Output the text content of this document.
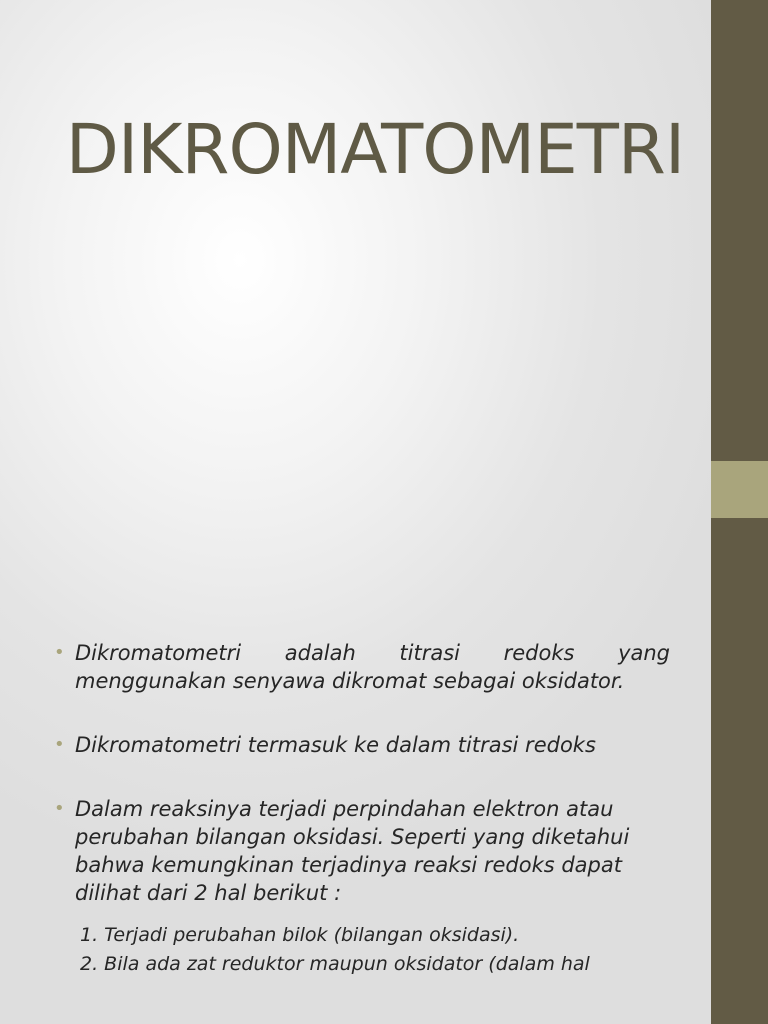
DIKROMATOMETRI
• Dikromatometri adalah titrasi redoks yang menggunakan senyawa dikromat sebagai oksidator.
• Dikromatometri termasuk ke dalam titrasi redoks
• Dalam reaksinya terjadi perpindahan elektron atau perubahan bilangan oksidasi. Seperti yang diketahui bahwa kemungkinan terjadinya reaksi redoks dapat dilihat dari 2 hal berikut :

1. Terjadi perubahan bilok (bilangan oksidasi).

2. Bila ada zat reduktor maupun oksidator (dalam hal
